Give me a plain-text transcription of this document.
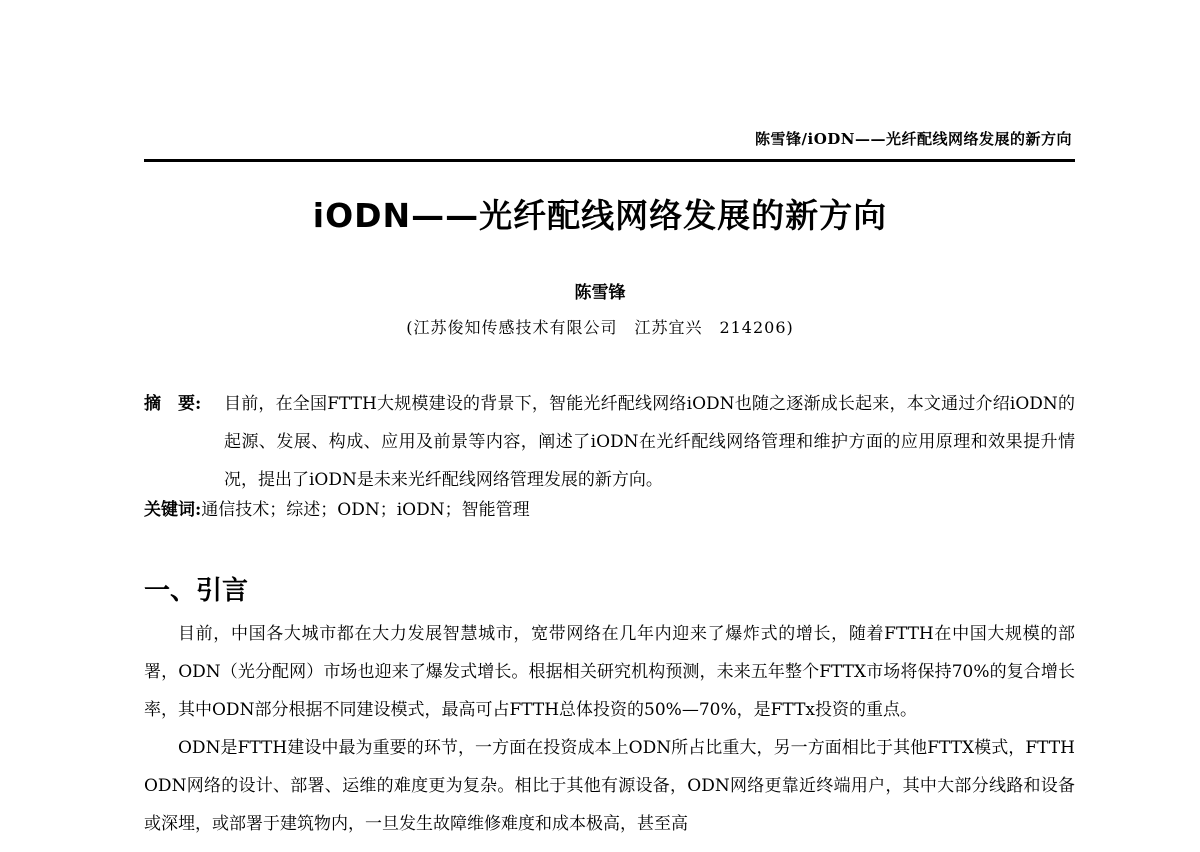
陈雪锋/iODN——光纤配线网络发展的新方向
iODN——光纤配线网络发展的新方向
陈雪锋
(江苏俊知传感技术有限公司　江苏宜兴　214206)
摘　要:	目前，在全国FTTH大规模建设的背景下，智能光纤配线网络iODN也随之逐渐成长起来，本文通过介绍iODN的起源、发展、构成、应用及前景等内容，阐述了iODN在光纤配线网络管理和维护方面的应用原理和效果提升情况，提出了iODN是未来光纤配线网络管理发展的新方向。
关键词:通信技术；综述；ODN；iODN；智能管理
一、引言

目前，中国各大城市都在大力发展智慧城市，宽带网络在几年内迎来了爆炸式的增长，随着FTTH在中国大规模的部署，ODN（光分配网）市场也迎来了爆发式增长。根据相关研究机构预测，未来五年整个FTTX市场将保持70%的复合增长率，其中ODN部分根据不同建设模式，最高可占FTTH总体投资的50%—70%，是FTTx投资的重点。

ODN是FTTH建设中最为重要的环节，一方面在投资成本上ODN所占比重大，另一方面相比于其他FTTX模式，FTTH ODN网络的设计、部署、运维的难度更为复杂。相比于其他有源设备，ODN网络更靠近终端用户，其中大部分线路和设备或深埋，或部署于建筑物内，一旦发生故障维修难度和成本极高，甚至高
